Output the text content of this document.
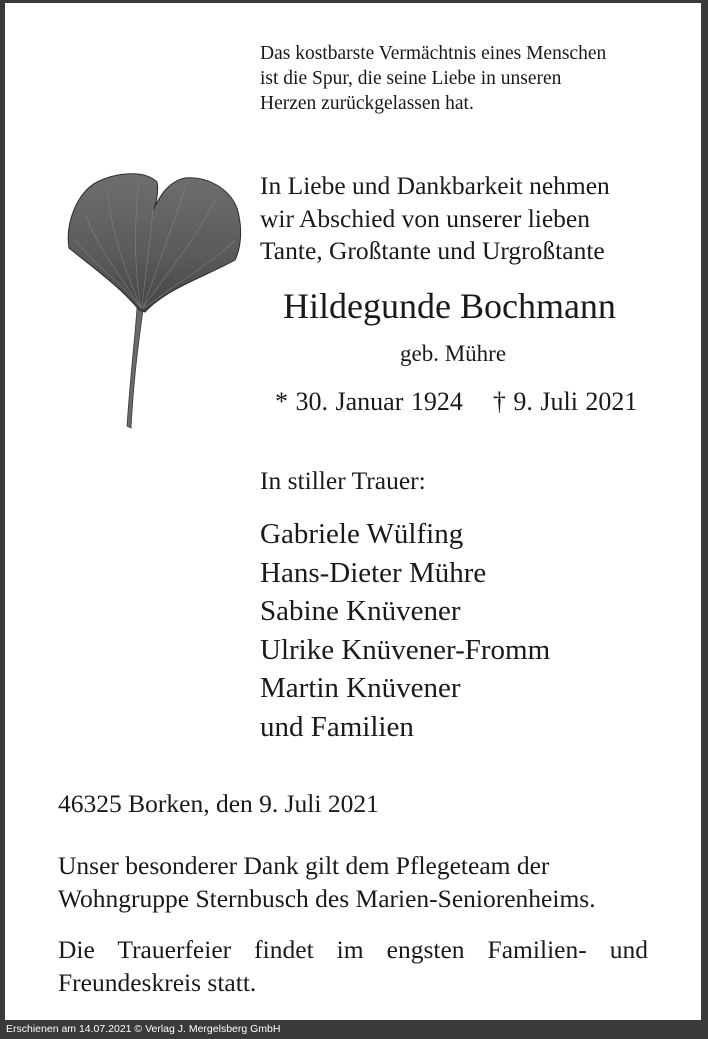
Das kostbarste Vermächtnis eines Menschen
ist die Spur, die seine Liebe in unseren
Herzen zurückgelassen hat.
In Liebe und Dankbarkeit nehmen
wir Abschied von unserer lieben
Tante, Großtante und Urgroßtante
Hildegunde Bochmann
geb. Mühre
* 30. Januar 1924 † 9. Juli 2021
In stiller Trauer:
Gabriele Wülfing
Hans-Dieter Mühre
Sabine Knüvener
Ulrike Knüvener-Fromm
Martin Knüvener
und Familien
46325 Borken, den 9. Juli 2021
Unser besonderer Dank gilt dem Pflegeteam der
Wohngruppe Sternbusch des Marien-Seniorenheims.
Die Trauerfeier findet im engsten Familien- und
Freundeskreis statt.
Erschienen am 14.07.2021 © Verlag J. Mergelsberg GmbH
